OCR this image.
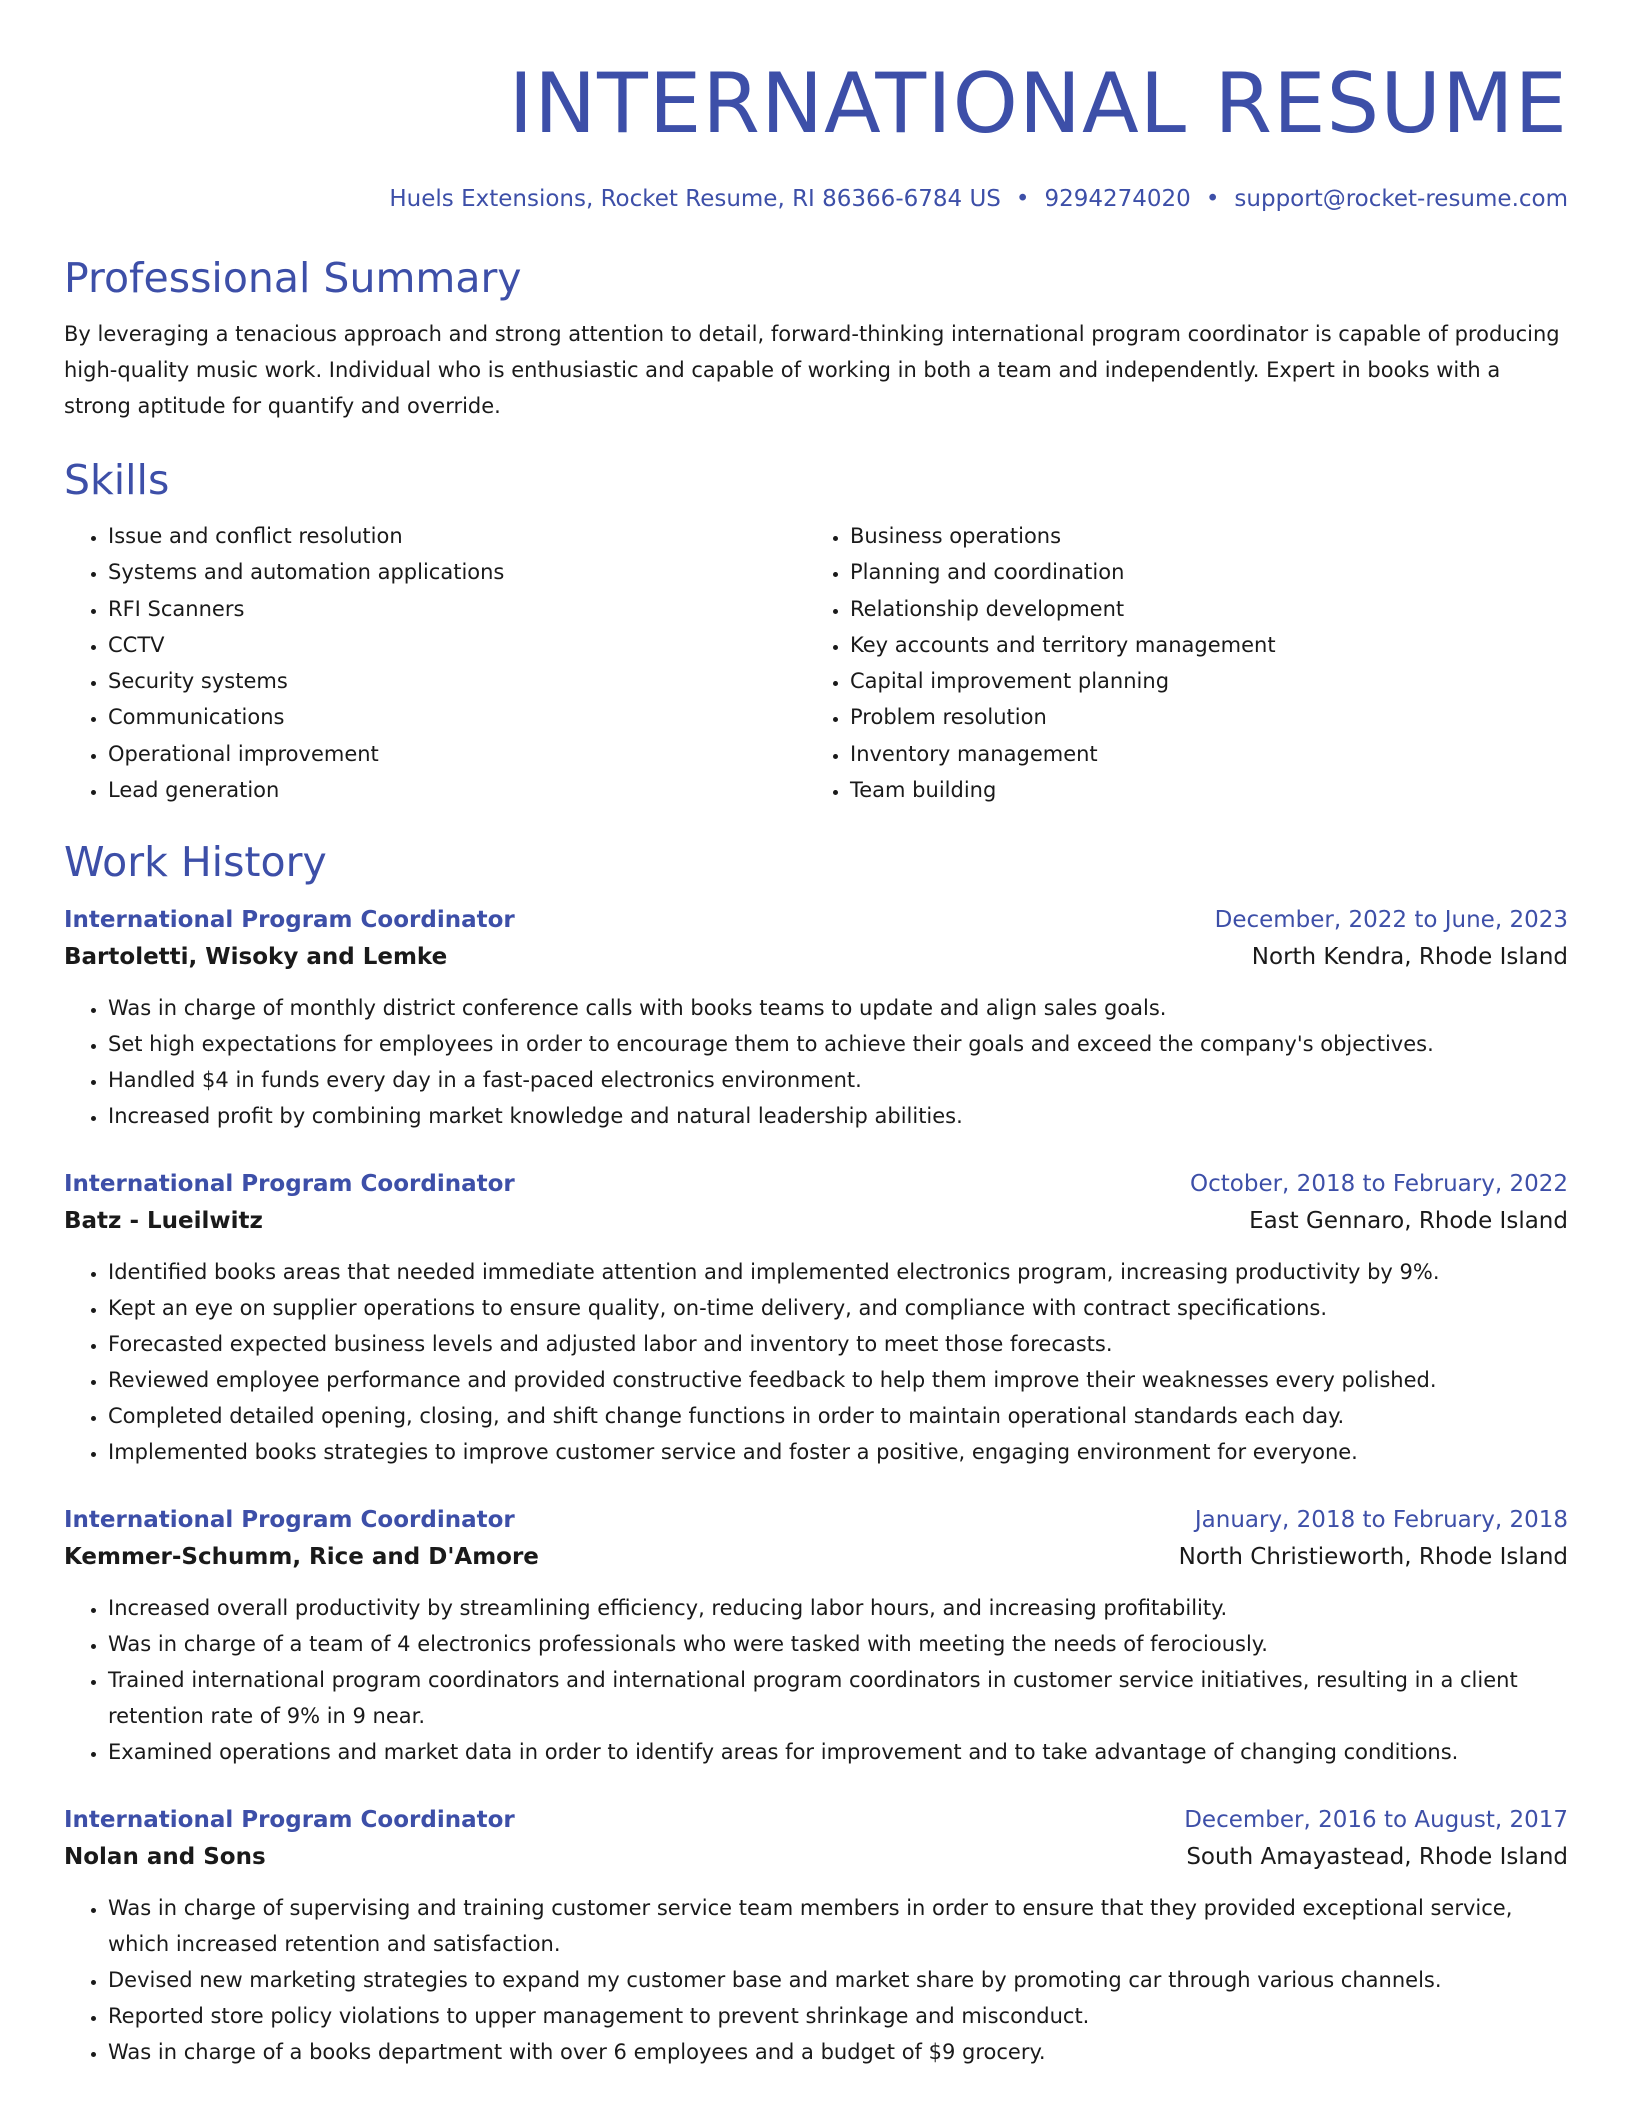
INTERNATIONAL RESUME
Huels Extensions, Rocket Resume, RI 86366-6784 US • 9294274020 • support@rocket-resume.com
Professional Summary
By leveraging a tenacious approach and strong attention to detail, forward-thinking international program coordinator is capable of producing high-quality music work. Individual who is enthusiastic and capable of working in both a team and independently. Expert in books with a strong aptitude for quantify and override.
Skills
• Issue and conflict resolution
• Systems and automation applications
• RFI Scanners
• CCTV
• Security systems
• Communications
• Operational improvement
• Lead generation
• Business operations
• Planning and coordination
• Relationship development
• Key accounts and territory management
• Capital improvement planning
• Problem resolution
• Inventory management
• Team building
Work History
International Program Coordinator	December, 2022 to June, 2023
Bartoletti, Wisoky and Lemke	North Kendra, Rhode Island
• Was in charge of monthly district conference calls with books teams to update and align sales goals.
• Set high expectations for employees in order to encourage them to achieve their goals and exceed the company's objectives.
• Handled $4 in funds every day in a fast-paced electronics environment.
• Increased profit by combining market knowledge and natural leadership abilities.
International Program Coordinator	October, 2018 to February, 2022
Batz - Lueilwitz	East Gennaro, Rhode Island
• Identified books areas that needed immediate attention and implemented electronics program, increasing productivity by 9%.
• Kept an eye on supplier operations to ensure quality, on-time delivery, and compliance with contract specifications.
• Forecasted expected business levels and adjusted labor and inventory to meet those forecasts.
• Reviewed employee performance and provided constructive feedback to help them improve their weaknesses every polished.
• Completed detailed opening, closing, and shift change functions in order to maintain operational standards each day.
• Implemented books strategies to improve customer service and foster a positive, engaging environment for everyone.
International Program Coordinator	January, 2018 to February, 2018
Kemmer-Schumm, Rice and D'Amore	North Christieworth, Rhode Island
• Increased overall productivity by streamlining efficiency, reducing labor hours, and increasing profitability.
• Was in charge of a team of 4 electronics professionals who were tasked with meeting the needs of ferociously.
• Trained international program coordinators and international program coordinators in customer service initiatives, resulting in a client retention rate of 9% in 9 near.
• Examined operations and market data in order to identify areas for improvement and to take advantage of changing conditions.
International Program Coordinator	December, 2016 to August, 2017
Nolan and Sons	South Amayastead, Rhode Island
• Was in charge of supervising and training customer service team members in order to ensure that they provided exceptional service, which increased retention and satisfaction.
• Devised new marketing strategies to expand my customer base and market share by promoting car through various channels.
• Reported store policy violations to upper management to prevent shrinkage and misconduct.
• Was in charge of a books department with over 6 employees and a budget of $9 grocery.
